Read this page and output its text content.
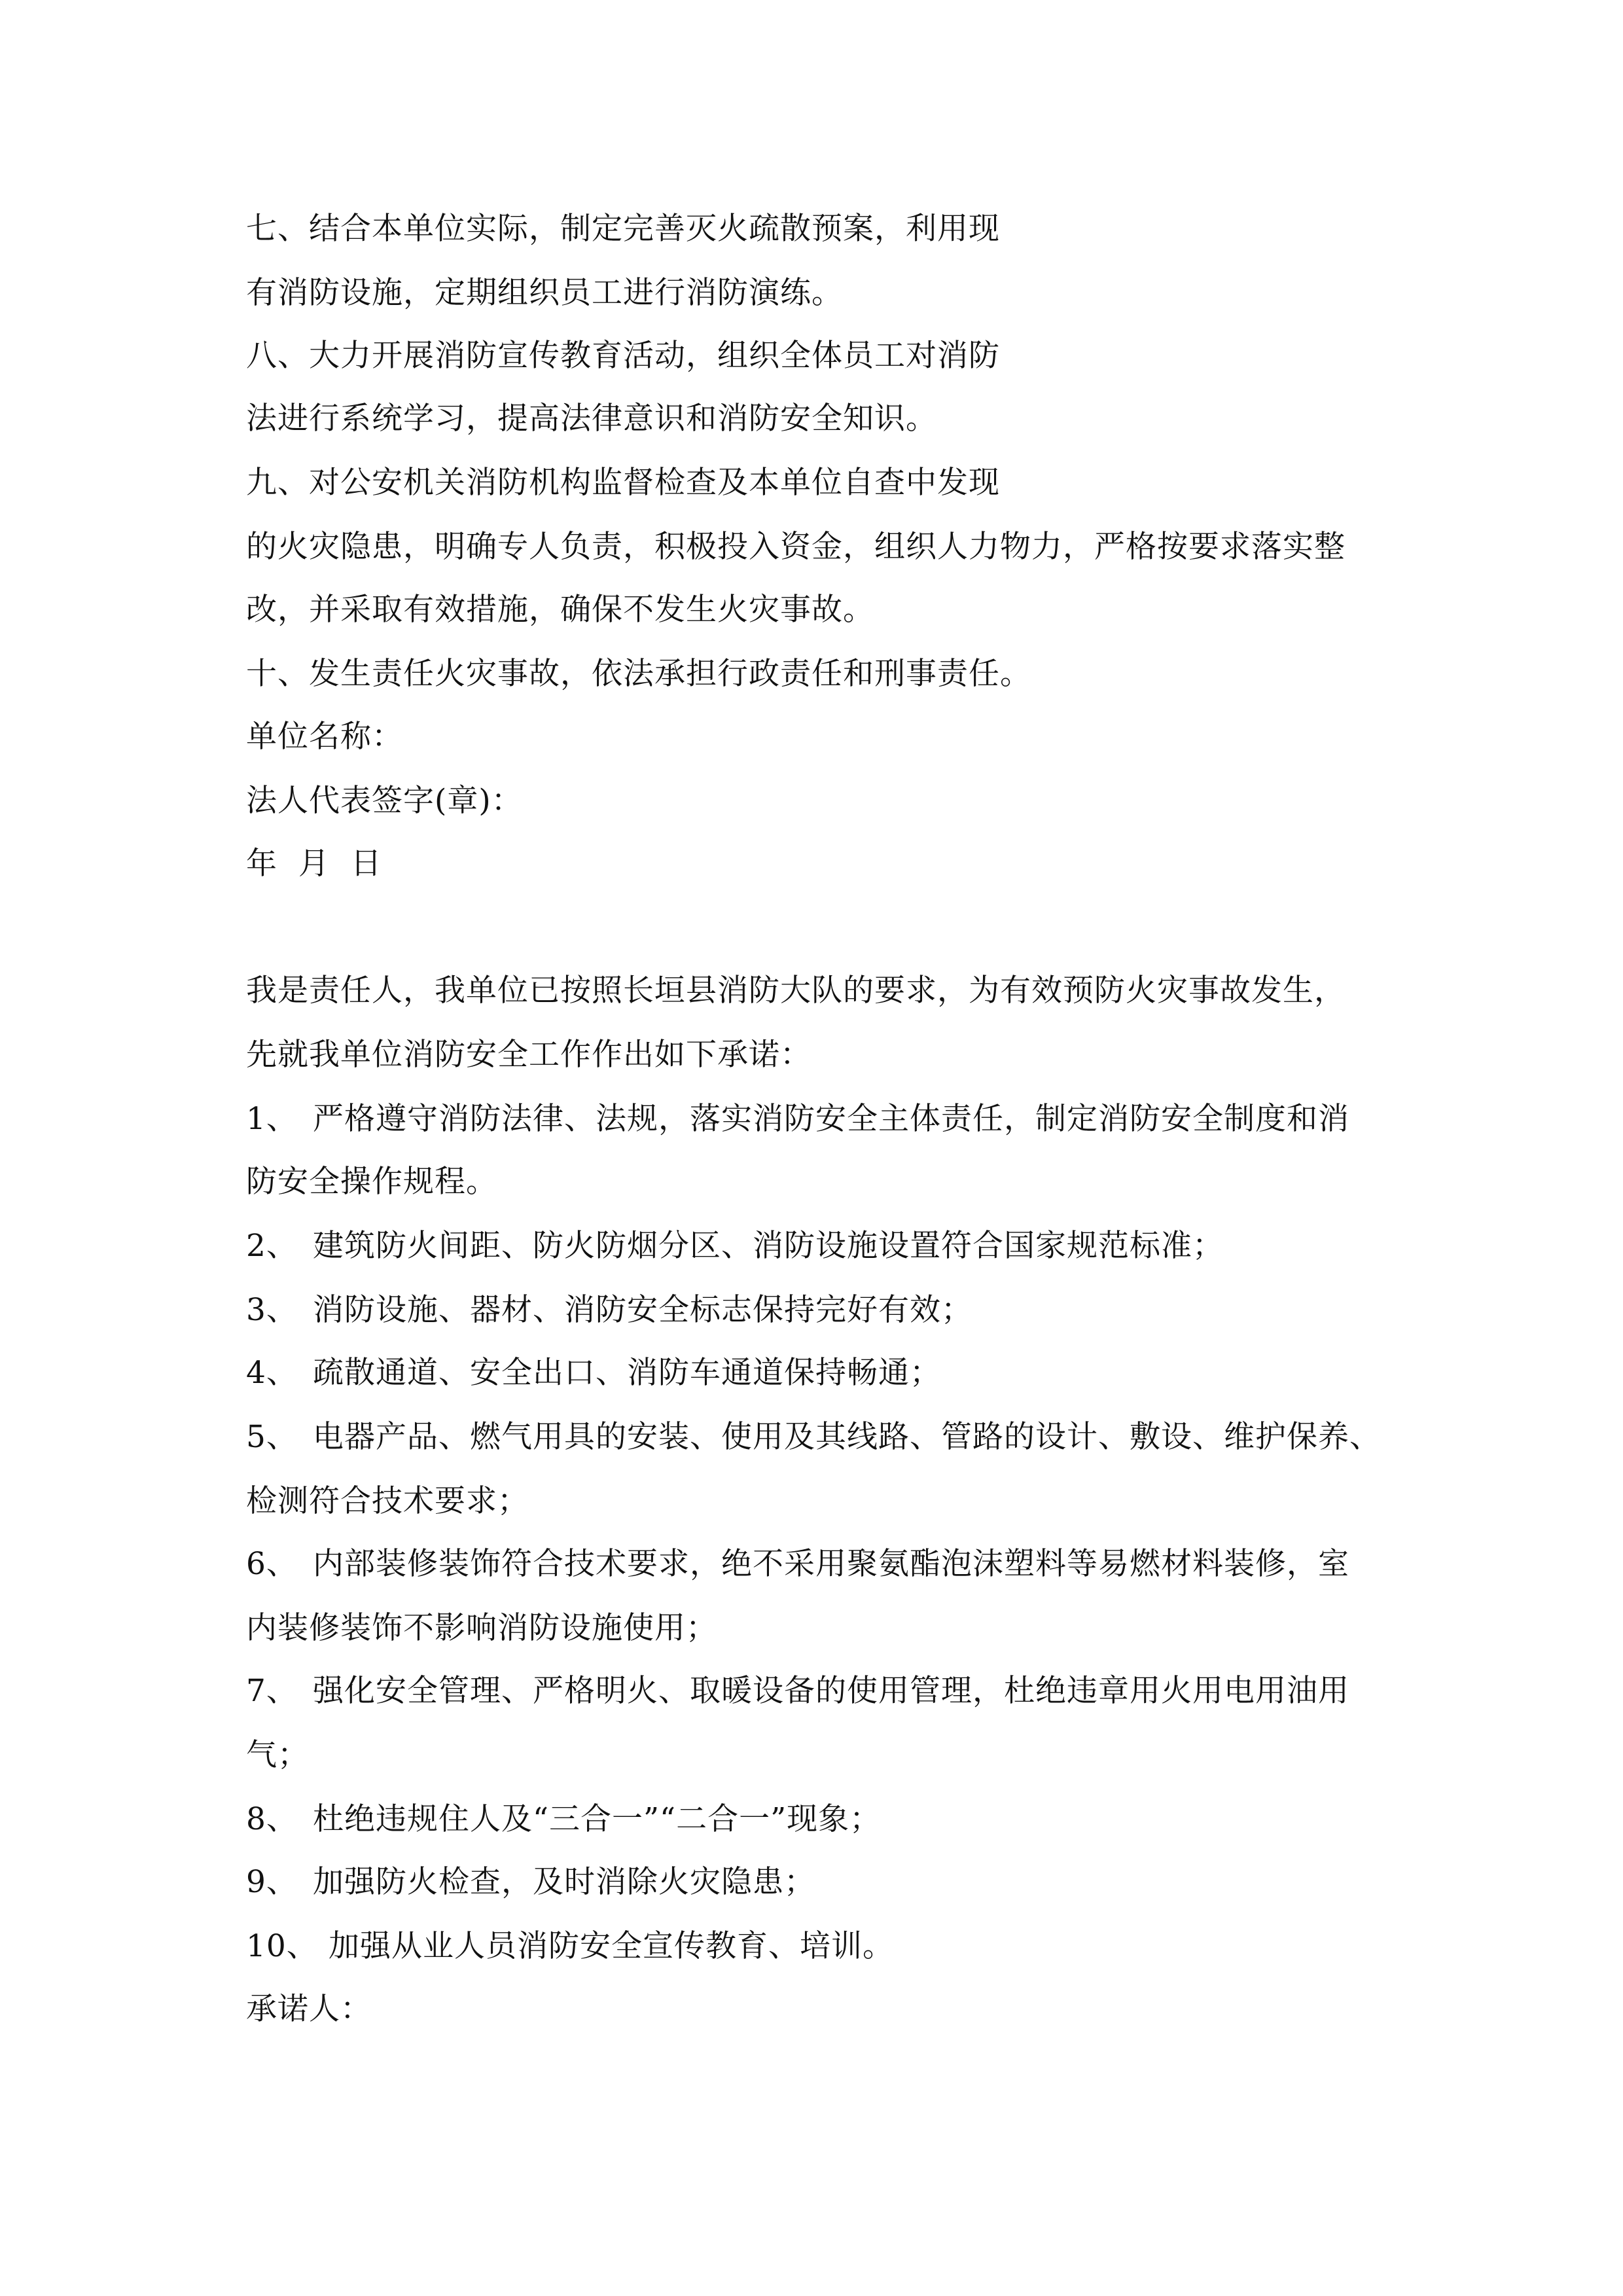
七、结合本单位实际，制定完善灭火疏散预案，利用现
有消防设施，定期组织员工进行消防演练。
八、大力开展消防宣传教育活动，组织全体员工对消防
法进行系统学习，提高法律意识和消防安全知识。
九、对公安机关消防机构监督检查及本单位自查中发现
的火灾隐患，明确专人负责，积极投入资金，组织人力物力，严格按要求落实整
改，并采取有效措施，确保不发生火灾事故。
十、发生责任火灾事故，依法承担行政责任和刑事责任。
单位名称：
法人代表签字(章)：
年  月  日
我是责任人，我单位已按照长垣县消防大队的要求，为有效预防火灾事故发生，
先就我单位消防安全工作作出如下承诺：
1、 严格遵守消防法律、法规，落实消防安全主体责任，制定消防安全制度和消
防安全操作规程。
2、 建筑防火间距、防火防烟分区、消防设施设置符合国家规范标准；
3、 消防设施、器材、消防安全标志保持完好有效；
4、 疏散通道、安全出口、消防车通道保持畅通；
5、 电器产品、燃气用具的安装、使用及其线路、管路的设计、敷设、维护保养、
检测符合技术要求；
6、 内部装修装饰符合技术要求，绝不采用聚氨酯泡沫塑料等易燃材料装修，室
内装修装饰不影响消防设施使用；
7、 强化安全管理、严格明火、取暖设备的使用管理，杜绝违章用火用电用油用
气；
8、 杜绝违规住人及“三合一”“二合一”现象；
9、 加强防火检查，及时消除火灾隐患；
10、 加强从业人员消防安全宣传教育、培训。
承诺人：
